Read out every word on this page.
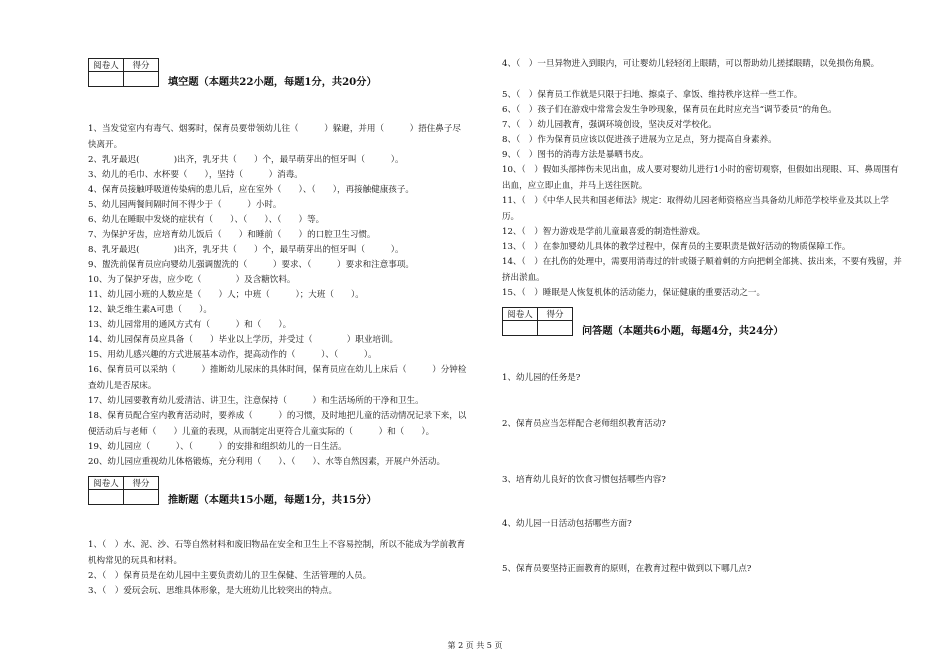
阅卷人	得分

填空题（本题共22小题，每题1分，共20分）
1、当发觉室内有毒气、烟雾时，保育员要带领幼儿往（　　　）躲避，并用（　　　）捂住鼻子尽快离开。
2、乳牙最迟(　　　　)出齐，乳牙共（　　）个，最早萌芽出的恒牙叫（　　　）。
3、幼儿的毛巾、水杯要（　　），坚持（　　　）消毒。
4、保育员接触呼吸道传染病的患儿后，应在室外（　　）、（　　），再接触健康孩子。
5、幼儿园两餐间隔时间不得少于（　　　）小时。
6、幼儿在睡眠中发烧的症状有（　　）、（　　）、（　　）等。
7、为保护牙齿，应培育幼儿饭后（　　）和睡前（　　）的口腔卫生习惯。
8、乳牙最迟(　　　　)出齐，乳牙共（　　）个，最早萌芽出的恒牙叫（　　　）。
9、盥洗前保育员应向婴幼儿强调盥洗的（　　　）要求、（　　　）要求和注意事项。
10、为了保护牙齿，应少吃（　　　　）及含糖饮料。
11、幼儿园小班的人数应是（　　）人；中班（　　　）；大班（　　）。
12、缺乏维生素A可患（　　）。
13、幼儿园常用的通风方式有（　　　）和（　　）。
14、幼儿园保育员应具备（　　）毕业以上学历，并受过（　　　　）职业培训。
15、用幼儿感兴趣的方式进展基本动作，提高动作的（　　　）、（　　　）。
16、保育员可以采纳（　　　）推断幼儿尿床的具体时间，保育员应在幼儿上床后（　　　）分钟检查幼儿是否尿床。
17、幼儿园要教育幼儿爱清洁、讲卫生，注意保持（　　　）和生活场所的干净和卫生。
18、保育员配合室内教育活动时，要养成（　　　）的习惯，及时地把儿童的活动情况记录下来，以便活动后与老师（　　）儿童的表现，从而制定出更符合儿童实际的（　　　）和（　　）。
19、幼儿园应（　　　）、（　　　）的安排和组织幼儿的一日生活。
20、幼儿园应重视幼儿体格锻炼，充分利用（　　）、（　　）、水等自然因素，开展户外活动。
阅卷人	得分

推断题（本题共15小题，每题1分，共15分）
1、（　）水、泥、沙、石等自然材料和废旧物品在安全和卫生上不容易控制，所以不能成为学前教育机构常见的玩具和材料。
2、（　）保育员是在幼儿园中主要负责幼儿的卫生保健、生活管理的人员。
3、（　）爱玩会玩、思维具体形象，是大班幼儿比较突出的特点。
4、（　）一旦异物进入到眼内，可让婴幼儿轻轻闭上眼睛，可以帮助幼儿搓揉眼睛，以免损伤角膜。
5、（　）保育员工作就是只限于扫地、擦桌子、拿饭、维持秩序这样一些工作。
6、（　）孩子们在游戏中常常会发生争吵现象，保育员在此时应充当“调节委员”的角色。
7、（　）幼儿园教育，强调环境创设，坚决反对学校化。
8、（　）作为保育员应该以促进孩子进展为立足点，努力提高自身素养。
9、（　）图书的消毒方法是暴晒书皮。
10、（　）假如头部摔伤未见出血，成人要对婴幼儿进行1小时的密切观察，但假如出现眼、耳、鼻周围有出血，应立即止血，并马上送往医院。
11、（　）《中华人民共和国老师法》规定：取得幼儿园老师资格应当具备幼儿师范学校毕业及其以上学历。
12、（　）智力游戏是学前儿童最喜爱的制造性游戏。
13、（　）在参加婴幼儿具体的教学过程中，保育员的主要职责是做好活动的物质保障工作。
14、（　）在扎伤的处理中，需要用消毒过的针或镊子顺着刺的方向把刺全部挑、拔出来，不要有残留，并挤出淤血。
15、（　）睡眠是人恢复机体的活动能力，保证健康的重要活动之一。
阅卷人	得分

问答题（本题共6小题，每题4分，共24分）
1、幼儿园的任务是?
2、保育员应当怎样配合老师组织教育活动?
3、培育幼儿良好的饮食习惯包括哪些内容?
4、幼儿园一日活动包括哪些方面?
5、保育员要坚持正面教育的原则，在教育过程中做到以下哪几点?
第 2 页 共 5 页
